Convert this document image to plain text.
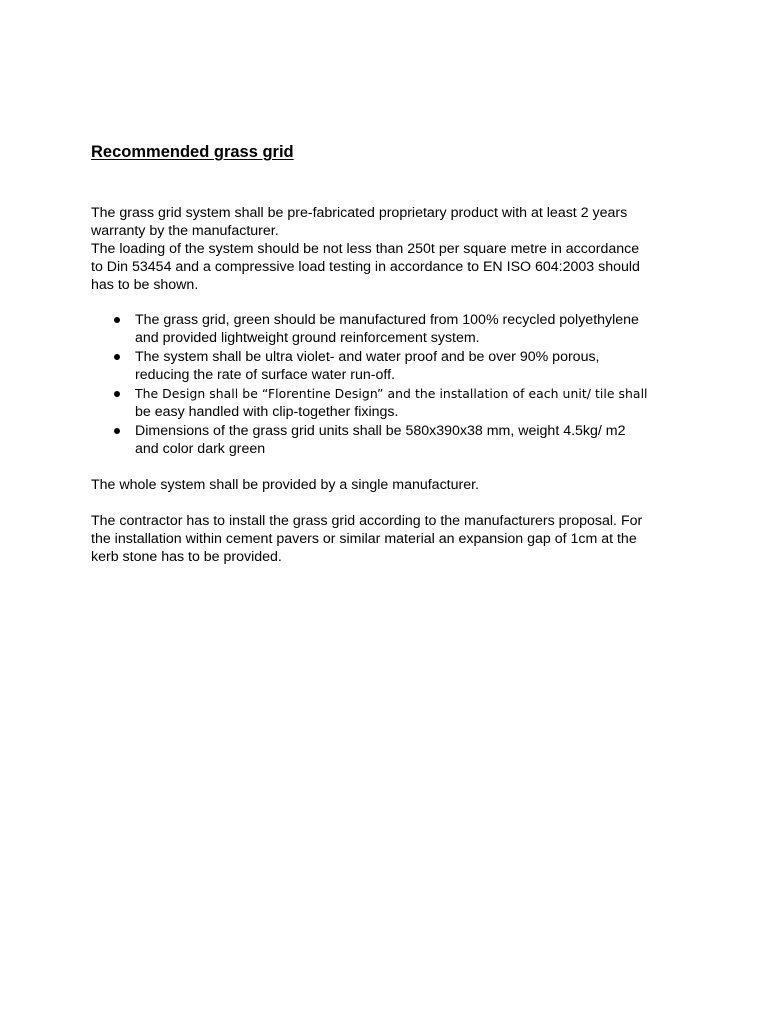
Recommended grass grid
The grass grid system shall be pre-fabricated proprietary product with at least 2 years
warranty by the manufacturer.
The loading of the system should be not less than 250t per square metre in accordance
to Din 53454 and a compressive load testing in accordance to EN ISO 604:2003 should
has to be shown.
The grass grid, green should be manufactured from 100% recycled polyethylene
and provided lightweight ground reinforcement system.
The system shall be ultra violet- and water proof and be over 90% porous,
reducing the rate of surface water run-off.
The Design shall be “Florentine Design” and the installation of each unit/ tile shall
be easy handled with clip-together fixings.
Dimensions of the grass grid units shall be 580x390x38 mm, weight 4.5kg/ m2
and color dark green
The whole system shall be provided by a single manufacturer.
The contractor has to install the grass grid according to the manufacturers proposal. For
the installation within cement pavers or similar material an expansion gap of 1cm at the
kerb stone has to be provided.
